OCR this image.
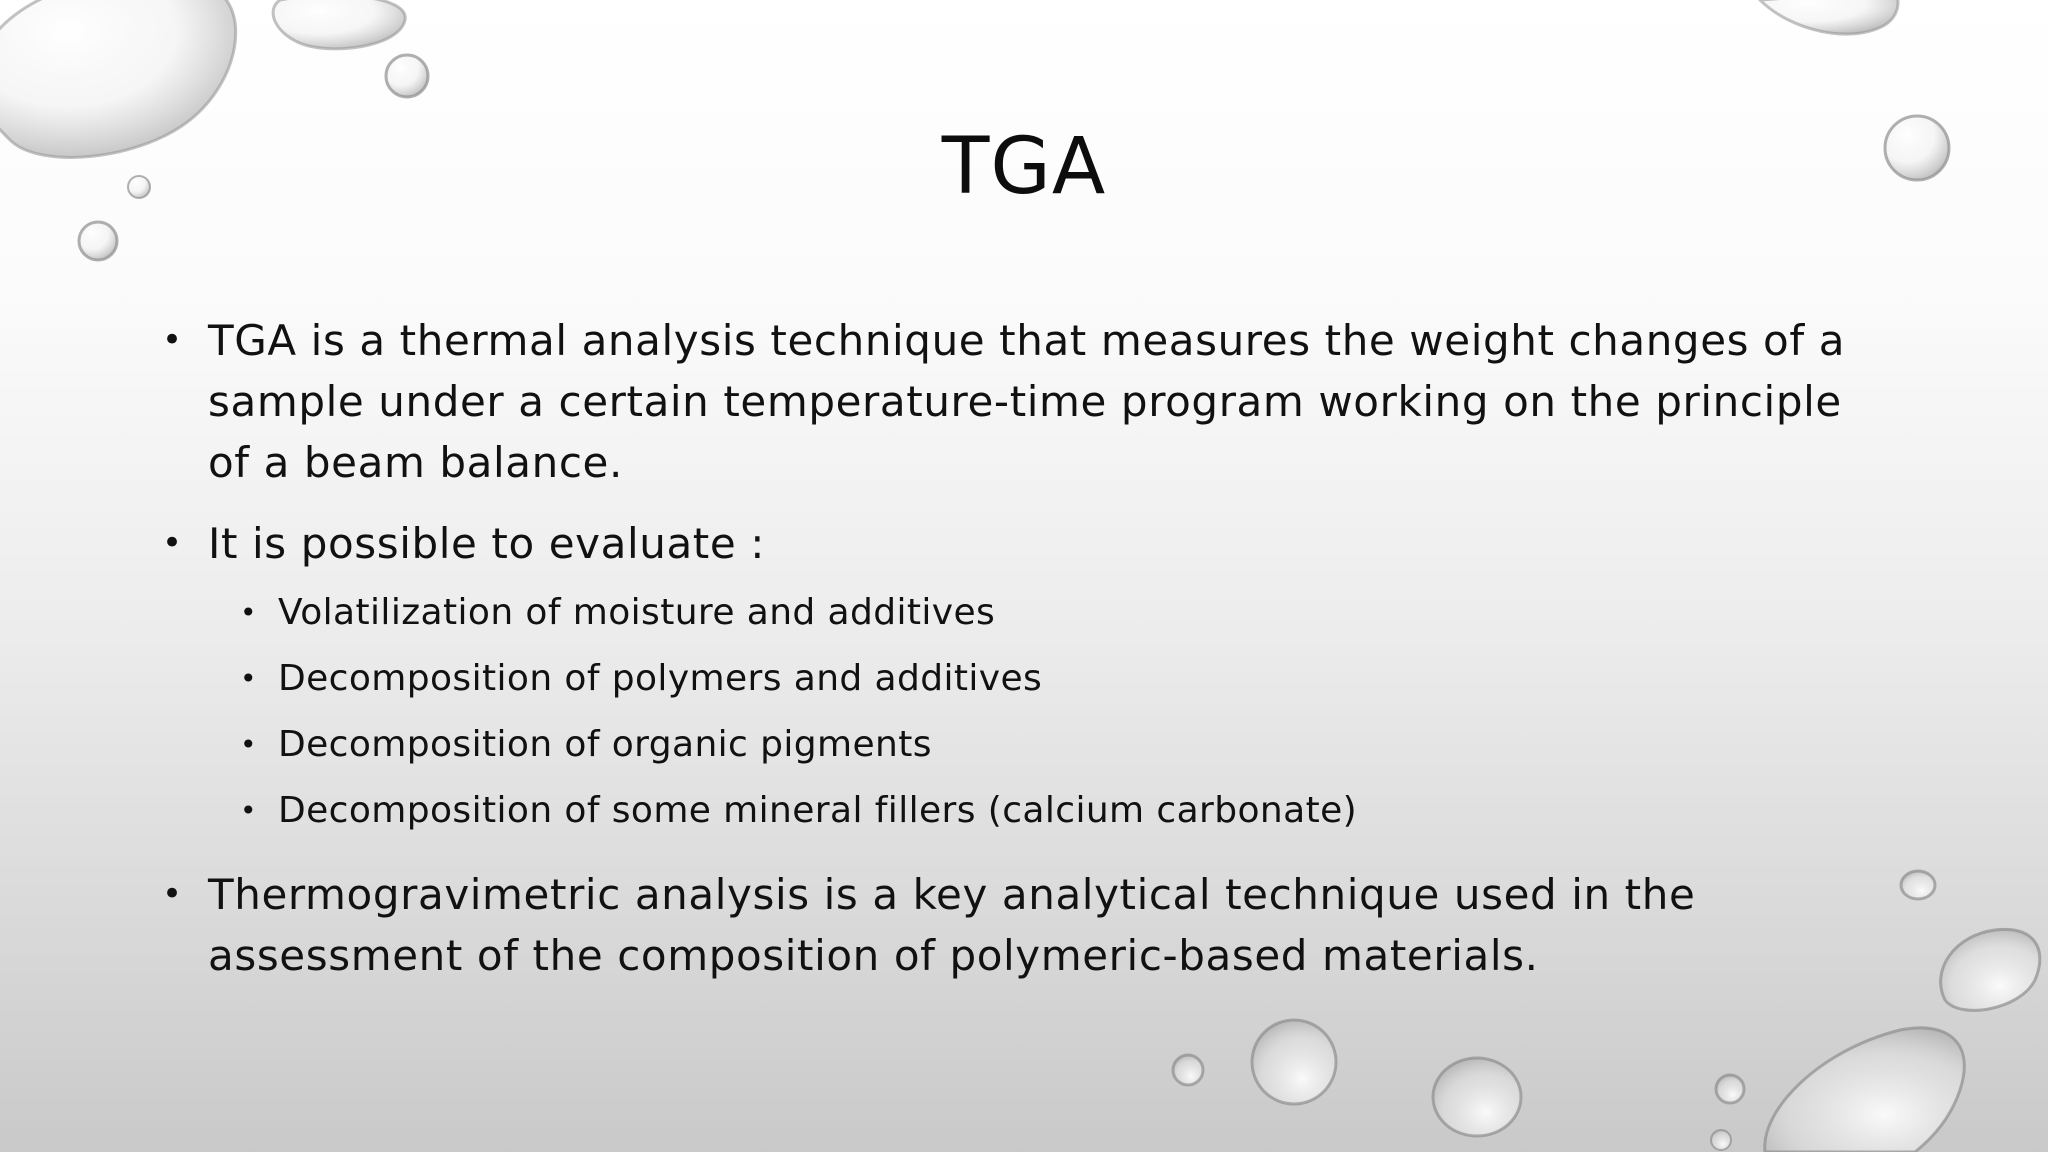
TGA
• TGA is a thermal analysis technique that measures the weight changes of a sample under a certain temperature-time program working on the principle of a beam balance.
• It is possible to evaluate :
• Volatilization of moisture and additives
• Decomposition of polymers and additives
• Decomposition of organic pigments
• Decomposition of some mineral fillers (calcium carbonate)
• Thermogravimetric analysis is a key analytical technique used in the assessment of the composition of polymeric-based materials.
